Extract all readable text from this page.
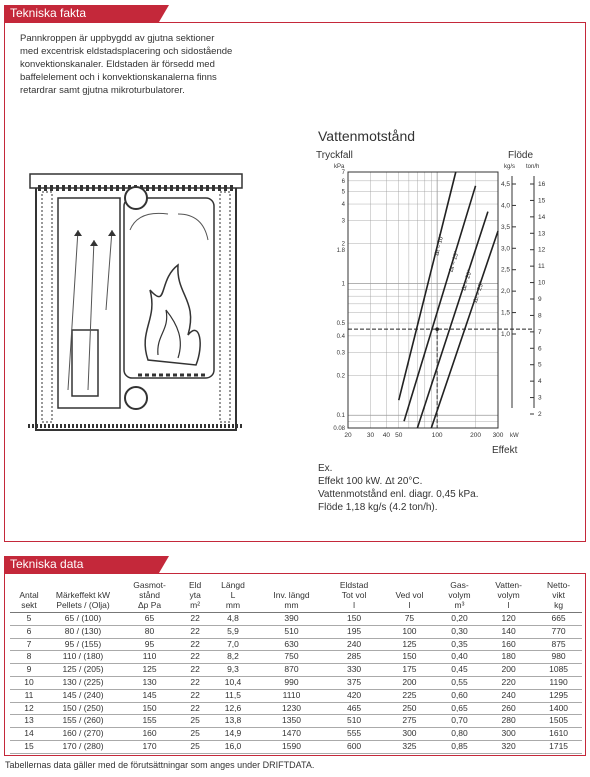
Tekniska fakta
Pannkroppen är uppbygdd av gjutna sektioner
med excentrisk eldstadsplacering och sidostående
konvektionskanaler. Eldstaden är försedd med
baffelelement och i konvektionskanalerna finns
retardrar samt gjutna mikroturbulatorer.
Vattenmotstånd
Tryckfall
kPa
Flöde
kg/s ton/h
7
6
5
4
3
2
1.8
1
0.5
0.4
0.3
0.2
0.1
0.08
20 30 40 50	100	200 300 kW
Effekt
4,5
4,0
3,5
3,0
2,5
2,0
1,5
1,0
16
15
14
13
12
11
10
9
8
7
6
5
4
3
2
Δt = 10°
Δt = 15°
Δt = 20°
Δt = 25°
Ex.
Effekt 100 kW. Δt 20°C.
Vattenmotstånd enl. diagr. 0,45 kPa.
Flöde 1,18 kg/s (4.2 ton/h).
Tekniska data
Antal
sekt	Märkeffekt kW
Pellets / (Olja)	Gasmot-
stånd
Δp Pa	Eld
yta
m²	Längd
L
mm	Inv. längd
mm	Eldstad
Tot vol
l	Ved vol
l	Gas-
volym
m³	Vatten-
volym
l	Netto-
vikt
kg
5	65 / (100)	65	22	4,8	390	150	75	0,20	120	665
6	80 / (130)	80	22	5,9	510	195	100	0,30	140	770
7	95 / (155)	95	22	7,0	630	240	125	0,35	160	875
8	110 / (180)	110	22	8,2	750	285	150	0,40	180	980
9	125 / (205)	125	22	9,3	870	330	175	0,45	200	1085
10	130 / (225)	130	22	10,4	990	375	200	0,55	220	1190
11	145 / (240)	145	22	11,5	1110	420	225	0,60	240	1295
12	150 / (250)	150	22	12,6	1230	465	250	0,65	260	1400
13	155 / (260)	155	25	13,8	1350	510	275	0,70	280	1505
14	160 / (270)	160	25	14,9	1470	555	300	0,80	300	1610
15	170 / (280)	170	25	16,0	1590	600	325	0,85	320	1715
Tabellernas data gäller med de förutsättningar som anges under DRIFTDATA.
